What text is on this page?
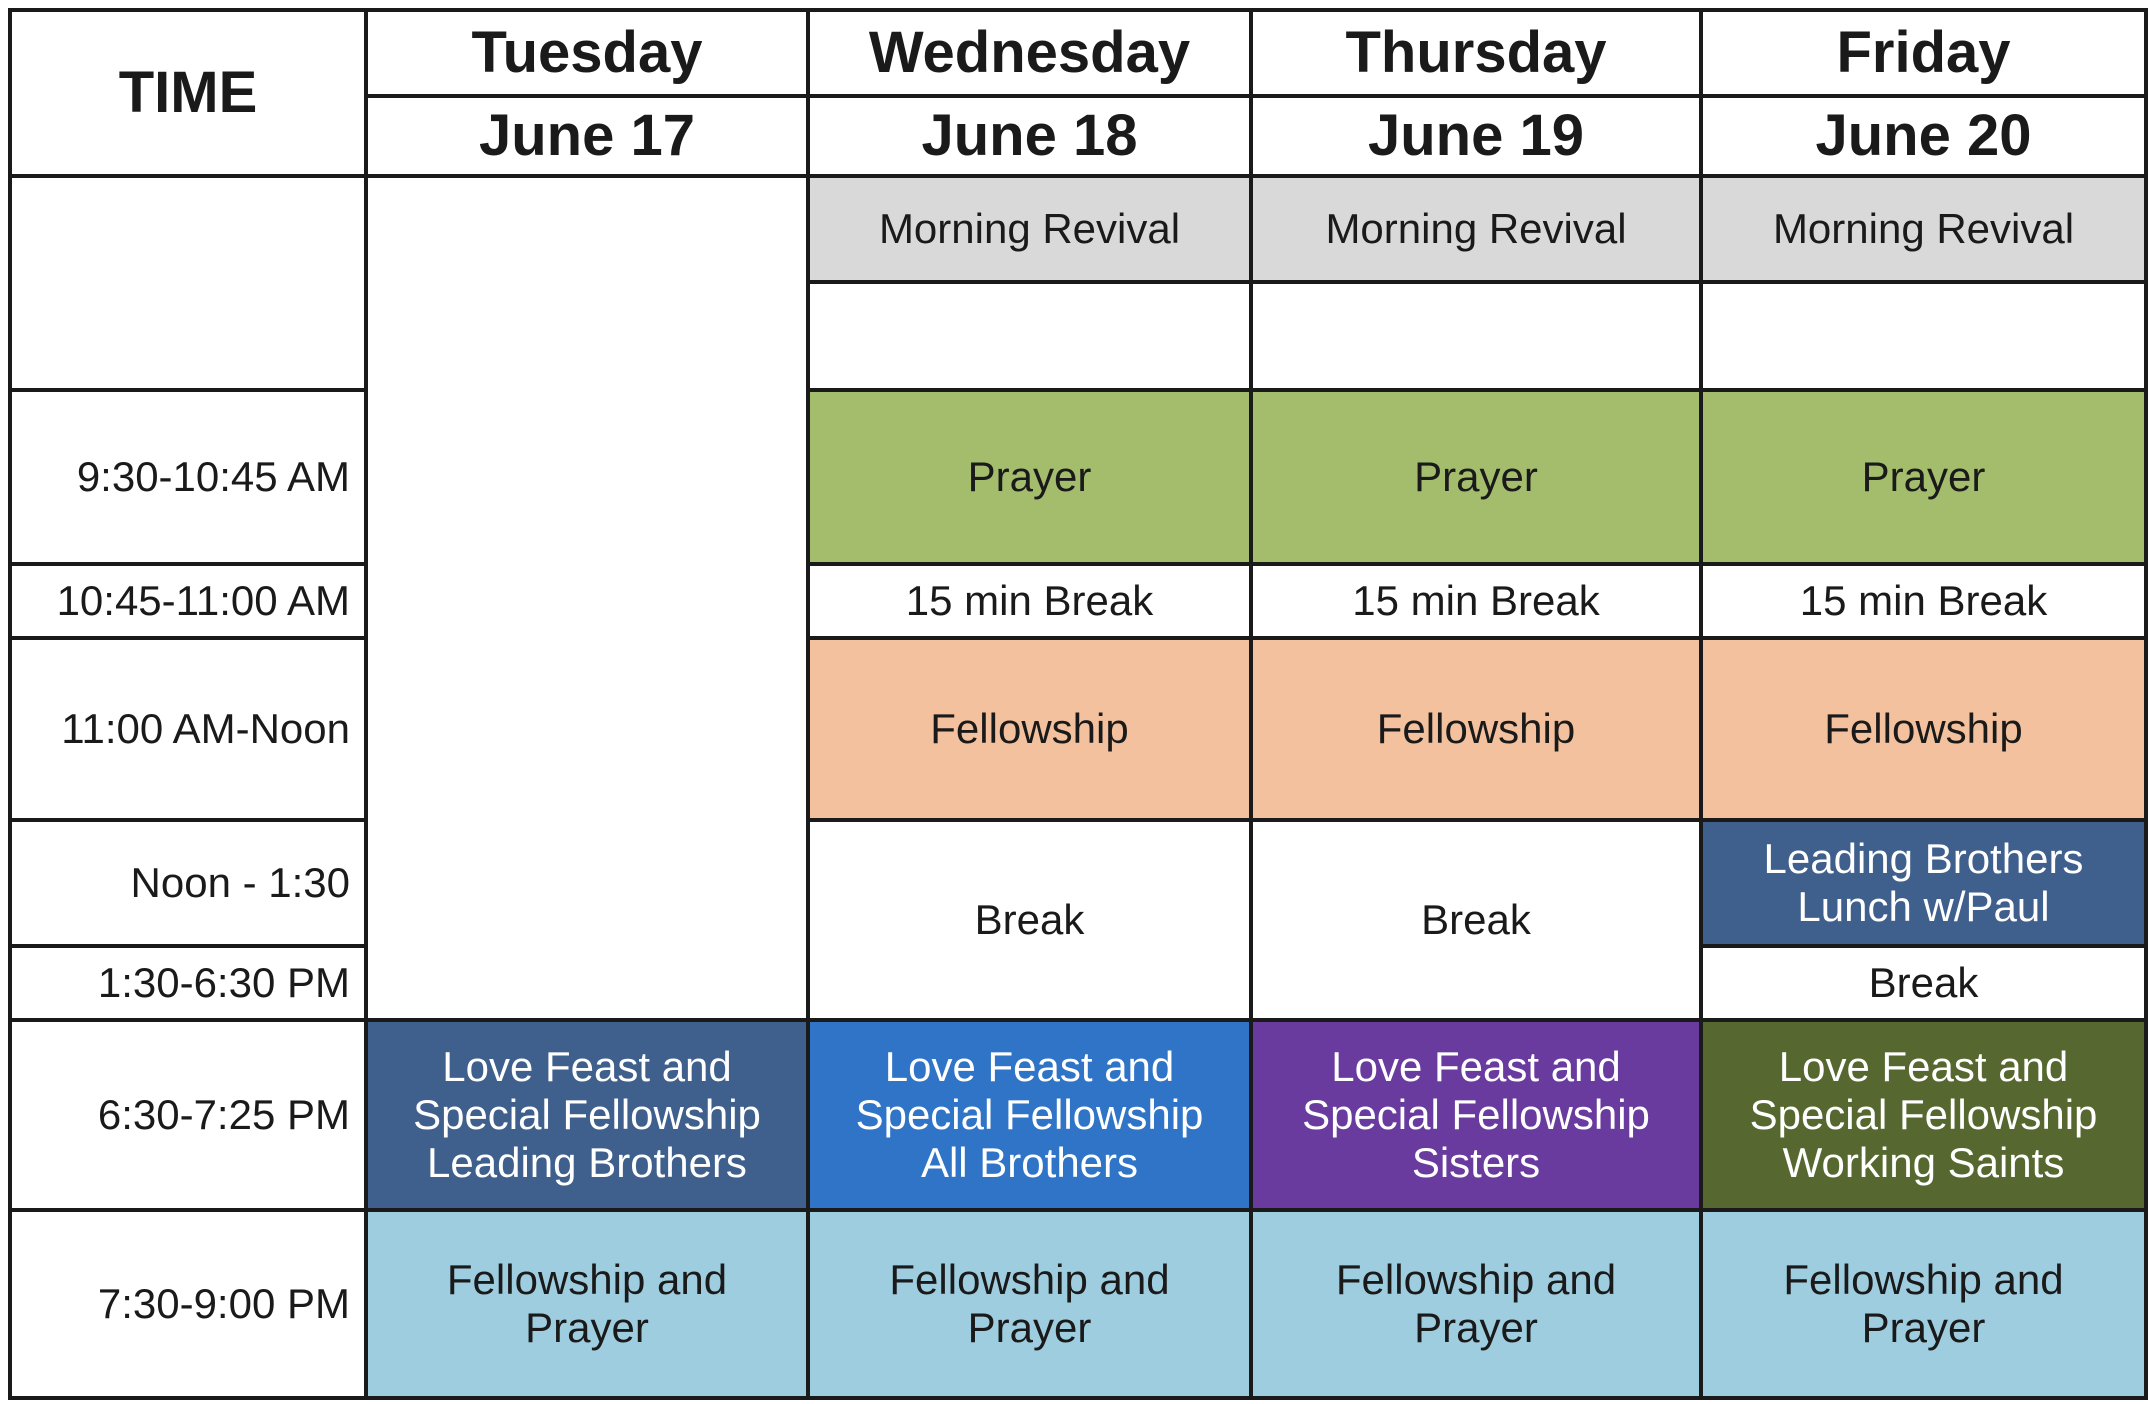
TIME
Tuesday
June 17
Wednesday
June 18
Thursday
June 19
Friday
June 20
9:30-10:45 AM
10:45-11:00 AM
11:00 AM-Noon
Noon - 1:30
1:30-6:30 PM
6:30-7:25 PM
7:30-9:00 PM
Love Feast and
Special Fellowship
Leading Brothers
Fellowship and
Prayer
Morning Revival
Prayer
15 min Break
Fellowship
Break
Love Feast and
Special Fellowship
All Brothers
Fellowship and
Prayer
Morning Revival
Prayer
15 min Break
Fellowship
Break
Love Feast and
Special Fellowship
Sisters
Fellowship and
Prayer
Morning Revival
Prayer
15 min Break
Fellowship
Leading Brothers
Lunch w/Paul
Break
Love Feast and
Special Fellowship
Working Saints
Fellowship and
Prayer
